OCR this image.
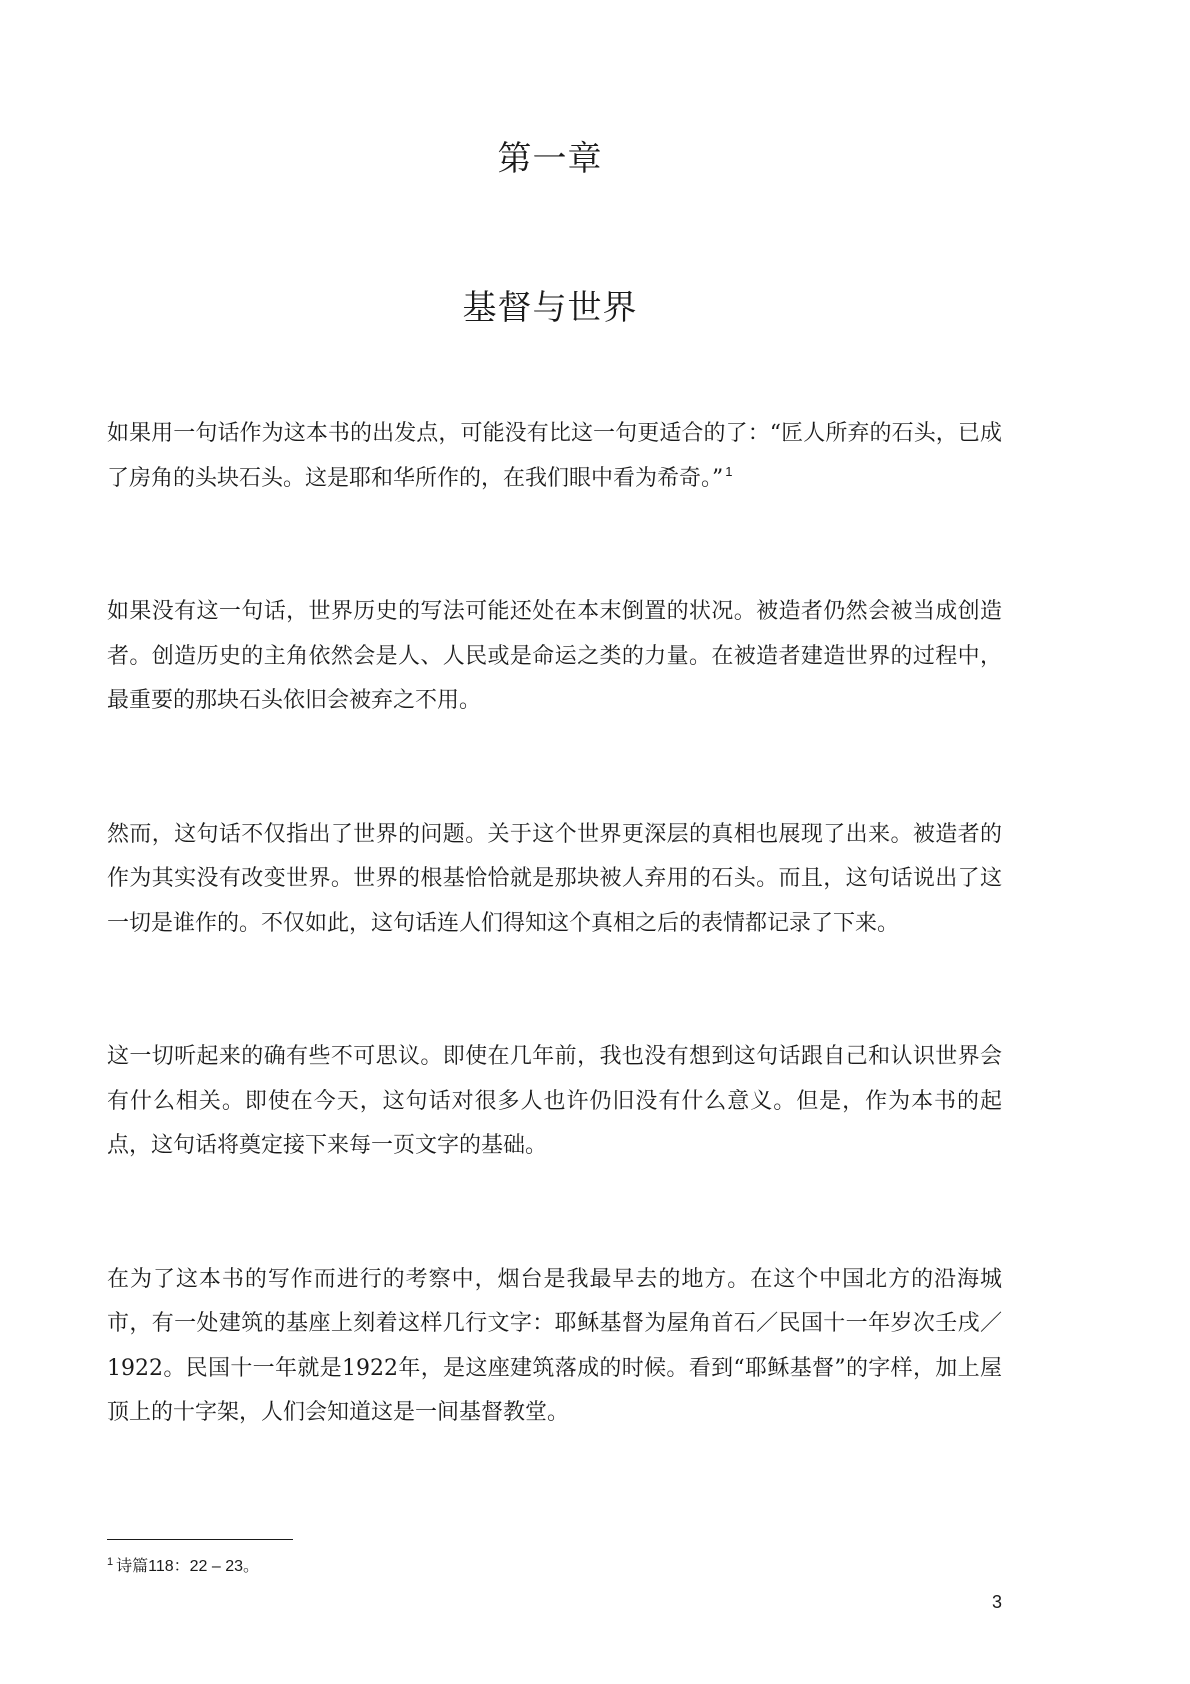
第一章
基督与世界

如果用一句话作为这本书的出发点，可能没有比这一句更适合的了：“匠人所弃的石头，已成了房角的头块石头。这是耶和华所作的，在我们眼中看为希奇。” $^1$

如果没有这一句话，世界历史的写法可能还处在本末倒置的状况。被造者仍然会被当成创造者。创造历史的主角依然会是人、人民或是命运之类的力量。在被造者建造世界的过程中，最重要的那块石头依旧会被弃之不用。

然而，这句话不仅指出了世界的问题。关于这个世界更深层的真相也展现了出来。被造者的作为其实没有改变世界。世界的根基恰恰就是那块被人弃用的石头。而且，这句话说出了这一切是谁作的。不仅如此，这句话连人们得知这个真相之后的表情都记录了下来。

这一切听起来的确有些不可思议。即使在几年前，我也没有想到这句话跟自己和认识世界会有什么相关。即使在今天，这句话对很多人也许仍旧没有什么意义。但是，作为本书的起点，这句话将奠定接下来每一页文字的基础。

在为了这本书的写作而进行的考察中，烟台是我最早去的地方。在这个中国北方的沿海城市，有一处建筑的基座上刻着这样几行文字：耶稣基督为屋角首石／民国十一年岁次壬戌／1922。民国十一年就是1922年，是这座建筑落成的时候。看到“耶稣基督”的字样，加上屋顶上的十字架，人们会知道这是一间基督教堂。

$^1$ 诗篇118：22 – 23。
3
